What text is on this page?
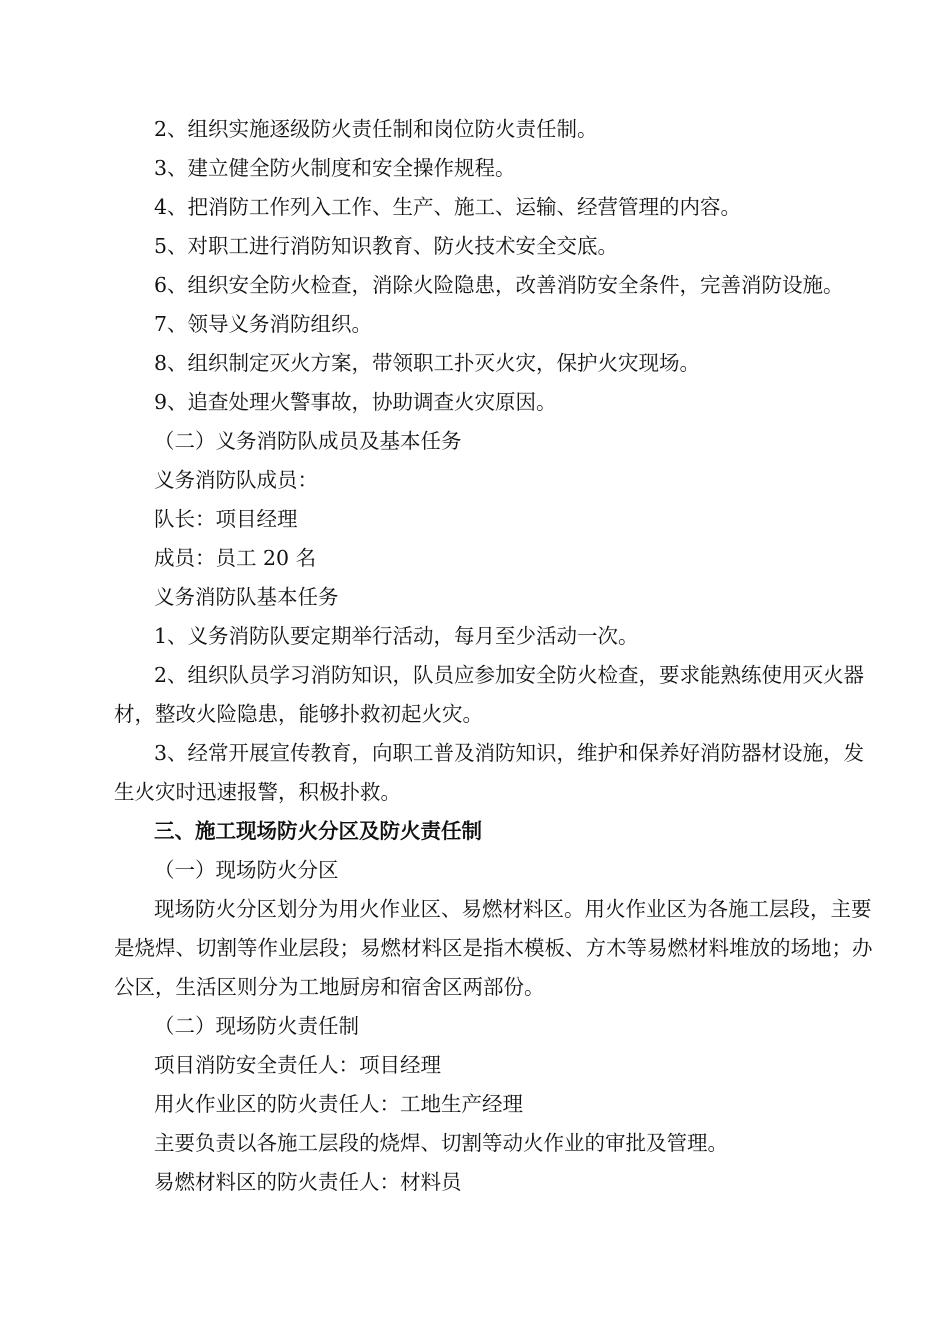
2、组织实施逐级防火责任制和岗位防火责任制。

3、建立健全防火制度和安全操作规程。

4、把消防工作列入工作、生产、施工、运输、经营管理的内容。

5、对职工进行消防知识教育、防火技术安全交底。

6、组织安全防火检查，消除火险隐患，改善消防安全条件，完善消防设施。

7、领导义务消防组织。

8、组织制定灭火方案，带领职工扑灭火灾，保护火灾现场。

9、追查处理火警事故，协助调查火灾原因。

（二）义务消防队成员及基本任务

义务消防队成员：

队长：项目经理

成员：员工 20 名

义务消防队基本任务

1、义务消防队要定期举行活动，每月至少活动一次。

2、组织队员学习消防知识，队员应参加安全防火检查，要求能熟练使用灭火器材，整改火险隐患，能够扑救初起火灾。

3、经常开展宣传教育，向职工普及消防知识，维护和保养好消防器材设施，发生火灾时迅速报警，积极扑救。

三、施工现场防火分区及防火责任制

（一）现场防火分区

现场防火分区划分为用火作业区、易燃材料区。用火作业区为各施工层段，主要是烧焊、切割等作业层段；易燃材料区是指木模板、方木等易燃材料堆放的场地；办公区，生活区则分为工地厨房和宿舍区两部份。

（二）现场防火责任制

项目消防安全责任人：项目经理

用火作业区的防火责任人：工地生产经理

主要负责以各施工层段的烧焊、切割等动火作业的审批及管理。

易燃材料区的防火责任人：材料员
